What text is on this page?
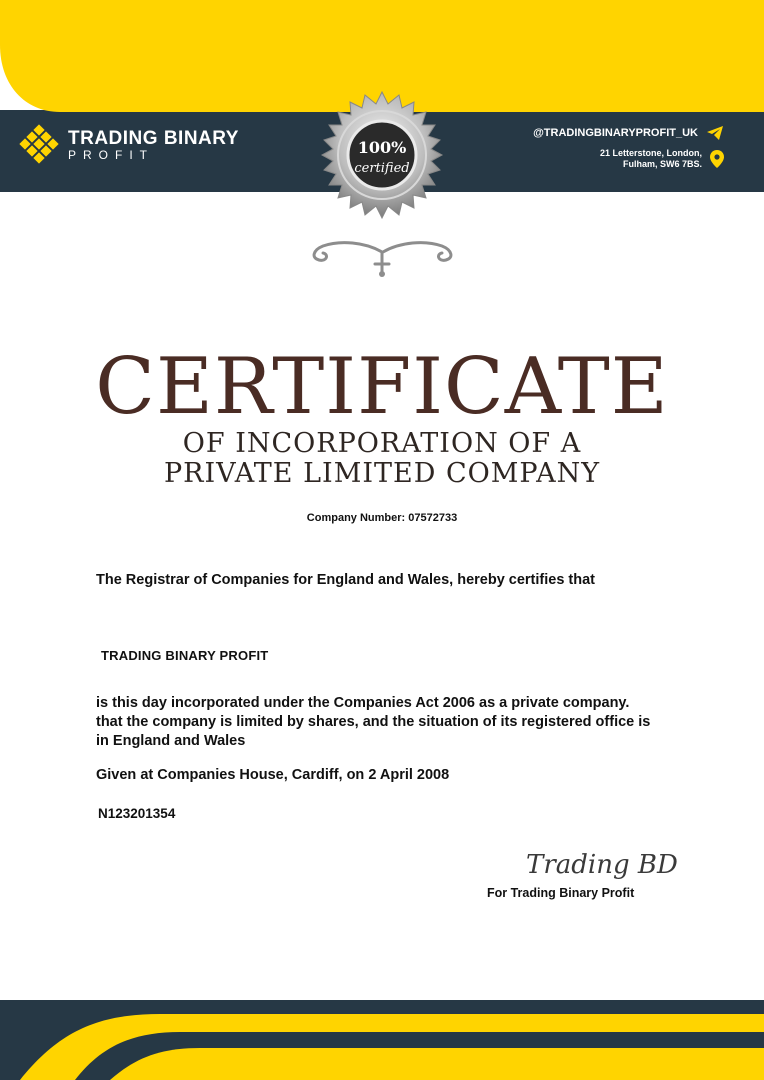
TRADING BINARY
PROFIT
@TRADINGBINARYPROFIT_UK
21 Letterstone, London,
Fulham, SW6 7BS.
100%
certified
CERTIFICATE
OF INCORPORATION OF A
PRIVATE LIMITED COMPANY
Company Number: 07572733
The Registrar of Companies for England and Wales, hereby certifies that
TRADING BINARY PROFIT
is this day incorporated under the Companies Act 2006 as a private company. that the company is limited by shares, and the situation of its registered office is in England and Wales
Given at Companies House, Cardiff, on 2 April 2008
N123201354
Trading BD
For Trading Binary Profit
